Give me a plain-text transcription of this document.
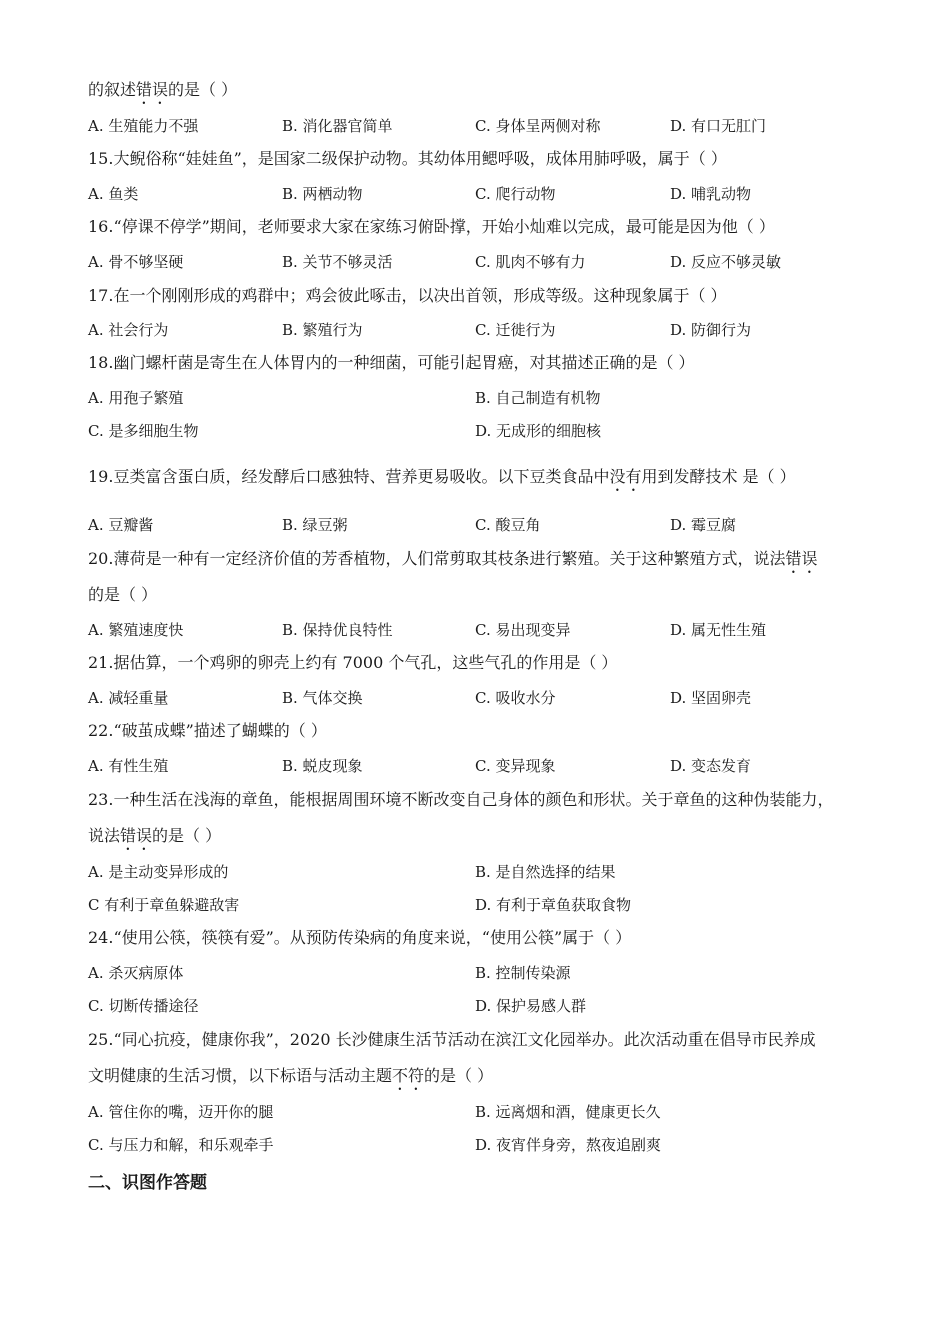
的叙述错误的是（ ）
A. 生殖能力不强	B. 消化器官简单	C. 身体呈两侧对称	D. 有口无肛门
15.大鲵俗称“娃娃鱼”，是国家二级保护动物。其幼体用鳃呼吸，成体用肺呼吸，属于（ ）
A. 鱼类	B. 两栖动物	C. 爬行动物	D. 哺乳动物
16.“停课不停学”期间，老师要求大家在家练习俯卧撑，开始小灿难以完成，最可能是因为他（ ）
A. 骨不够坚硬	B. 关节不够灵活	C. 肌肉不够有力	D. 反应不够灵敏
17.在一个刚刚形成的鸡群中；鸡会彼此啄击，以决出首领，形成等级。这种现象属于（ ）
A. 社会行为	B. 繁殖行为	C. 迁徙行为	D. 防御行为
18.幽门螺杆菌是寄生在人体胃内的一种细菌，可能引起胃癌，对其描述正确的是（ ）
A. 用孢子繁殖	B. 自己制造有机物
C. 是多细胞生物	D. 无成形的细胞核
19.豆类富含蛋白质，经发酵后口感独特、营养更易吸收。以下豆类食品中没有用到发酵技术 是（ ）
A. 豆瓣酱	B. 绿豆粥	C. 酸豆角	D. 霉豆腐
20.薄荷是一种有一定经济价值的芳香植物，人们常剪取其枝条进行繁殖。关于这种繁殖方式，说法错误
的是（ ）
A. 繁殖速度快	B. 保持优良特性	C. 易出现变异	D. 属无性生殖
21.据估算，一个鸡卵的卵壳上约有 7000 个气孔，这些气孔的作用是（ ）
A. 减轻重量	B. 气体交换	C. 吸收水分	D. 坚固卵壳
22.“破茧成蝶”描述了蝴蝶的（ ）
A. 有性生殖	B. 蜕皮现象	C. 变异现象	D. 变态发育
23.一种生活在浅海的章鱼，能根据周围环境不断改变自己身体的颜色和形状。关于章鱼的这种伪装能力，
说法错误的是（ ）
A. 是主动变异形成的	B. 是自然选择的结果
C 有利于章鱼躲避敌害	D. 有利于章鱼获取食物
24.“使用公筷，筷筷有爱”。从预防传染病的角度来说，“使用公筷”属于（ ）
A. 杀灭病原体	B. 控制传染源
C. 切断传播途径	D. 保护易感人群
25.“同心抗疫，健康你我”，2020 长沙健康生活节活动在滨江文化园举办。此次活动重在倡导市民养成
文明健康的生活习惯，以下标语与活动主题不符的是（ ）
A. 管住你的嘴，迈开你的腿	B. 远离烟和酒，健康更长久
C. 与压力和解，和乐观牵手	D. 夜宵伴身旁，熬夜追剧爽
二、识图作答题
